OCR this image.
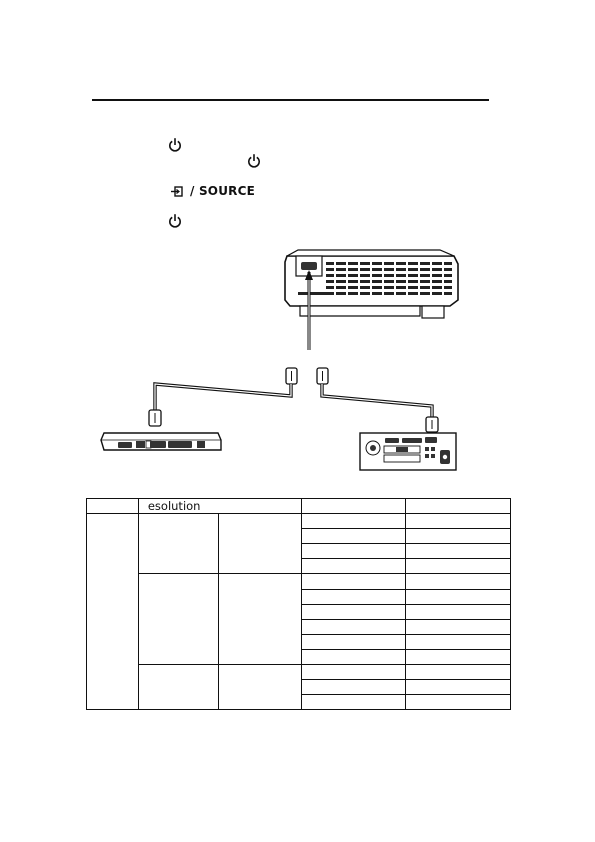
/ SOURCE
	esolution			
